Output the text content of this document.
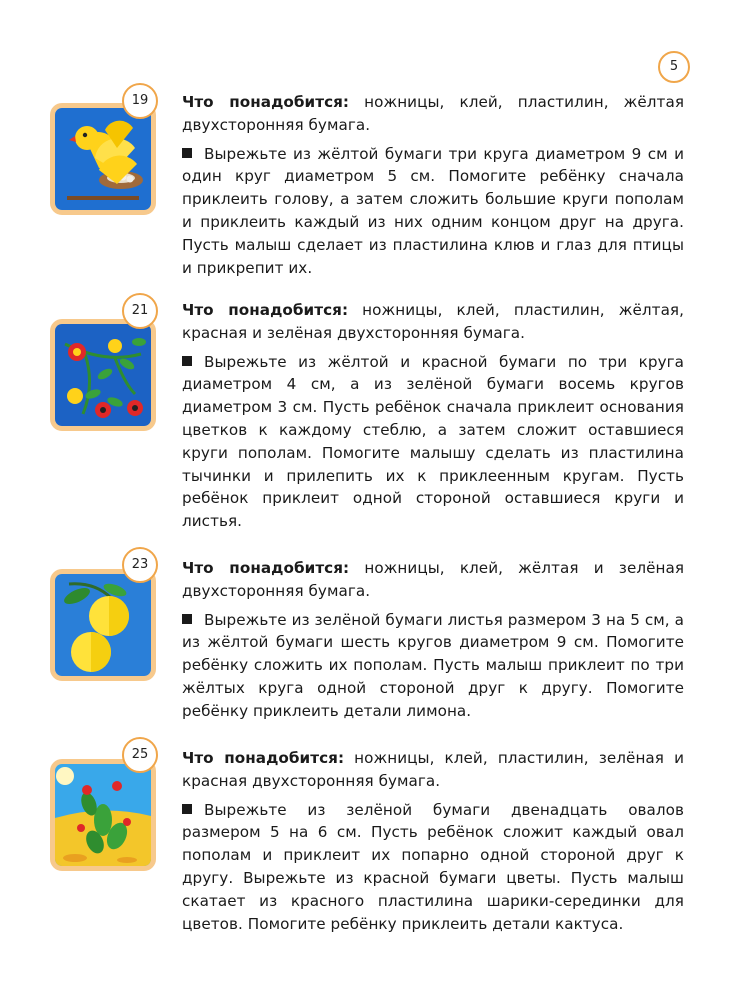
5
19	Что понадобится: ножницы, клей, пластилин, жёлтая двухсторонняя бумага.

Вырежьте из жёлтой бумаги три круга диаметром 9 см и один круг диаметром 5 см. Помогите ребёнку сначала приклеить голову, а затем сложить большие круги пополам и приклеить каждый из них одним концом друг на друга. Пусть малыш сделает из пластилина клюв и глаз для птицы и прикрепит их.

21	Что понадобится: ножницы, клей, пластилин, жёлтая, красная и зелёная двухсторонняя бумага.

Вырежьте из жёлтой и красной бумаги по три круга диаметром 4 см, а из зелёной бумаги восемь кругов диаметром 3 см. Пусть ребёнок сначала приклеит основания цветков к каждому стеблю, а затем сложит оставшиеся круги пополам. Помогите малышу сделать из пластилина тычинки и прилепить их к приклеенным кругам. Пусть ребёнок приклеит одной стороной оставшиеся круги и листья.

23	Что понадобится: ножницы, клей, жёлтая и зелёная двухсторонняя бумага.

Вырежьте из зелёной бумаги листья размером 3 на 5 см, а из жёлтой бумаги шесть кругов диаметром 9 см. Помогите ребёнку сложить их пополам. Пусть малыш приклеит по три жёлтых круга одной стороной друг к другу. Помогите ребёнку приклеить детали лимона.

25	Что понадобится: ножницы, клей, пластилин, зелёная и красная двухсторонняя бумага.

Вырежьте из зелёной бумаги двенадцать овалов размером 5 на 6 см. Пусть ребёнок сложит каждый овал пополам и приклеит их попарно одной стороной друг к другу. Вырежьте из красной бумаги цветы. Пусть малыш скатает из красного пластилина шарики-серединки для цветов. Помогите ребёнку приклеить детали кактуса.
